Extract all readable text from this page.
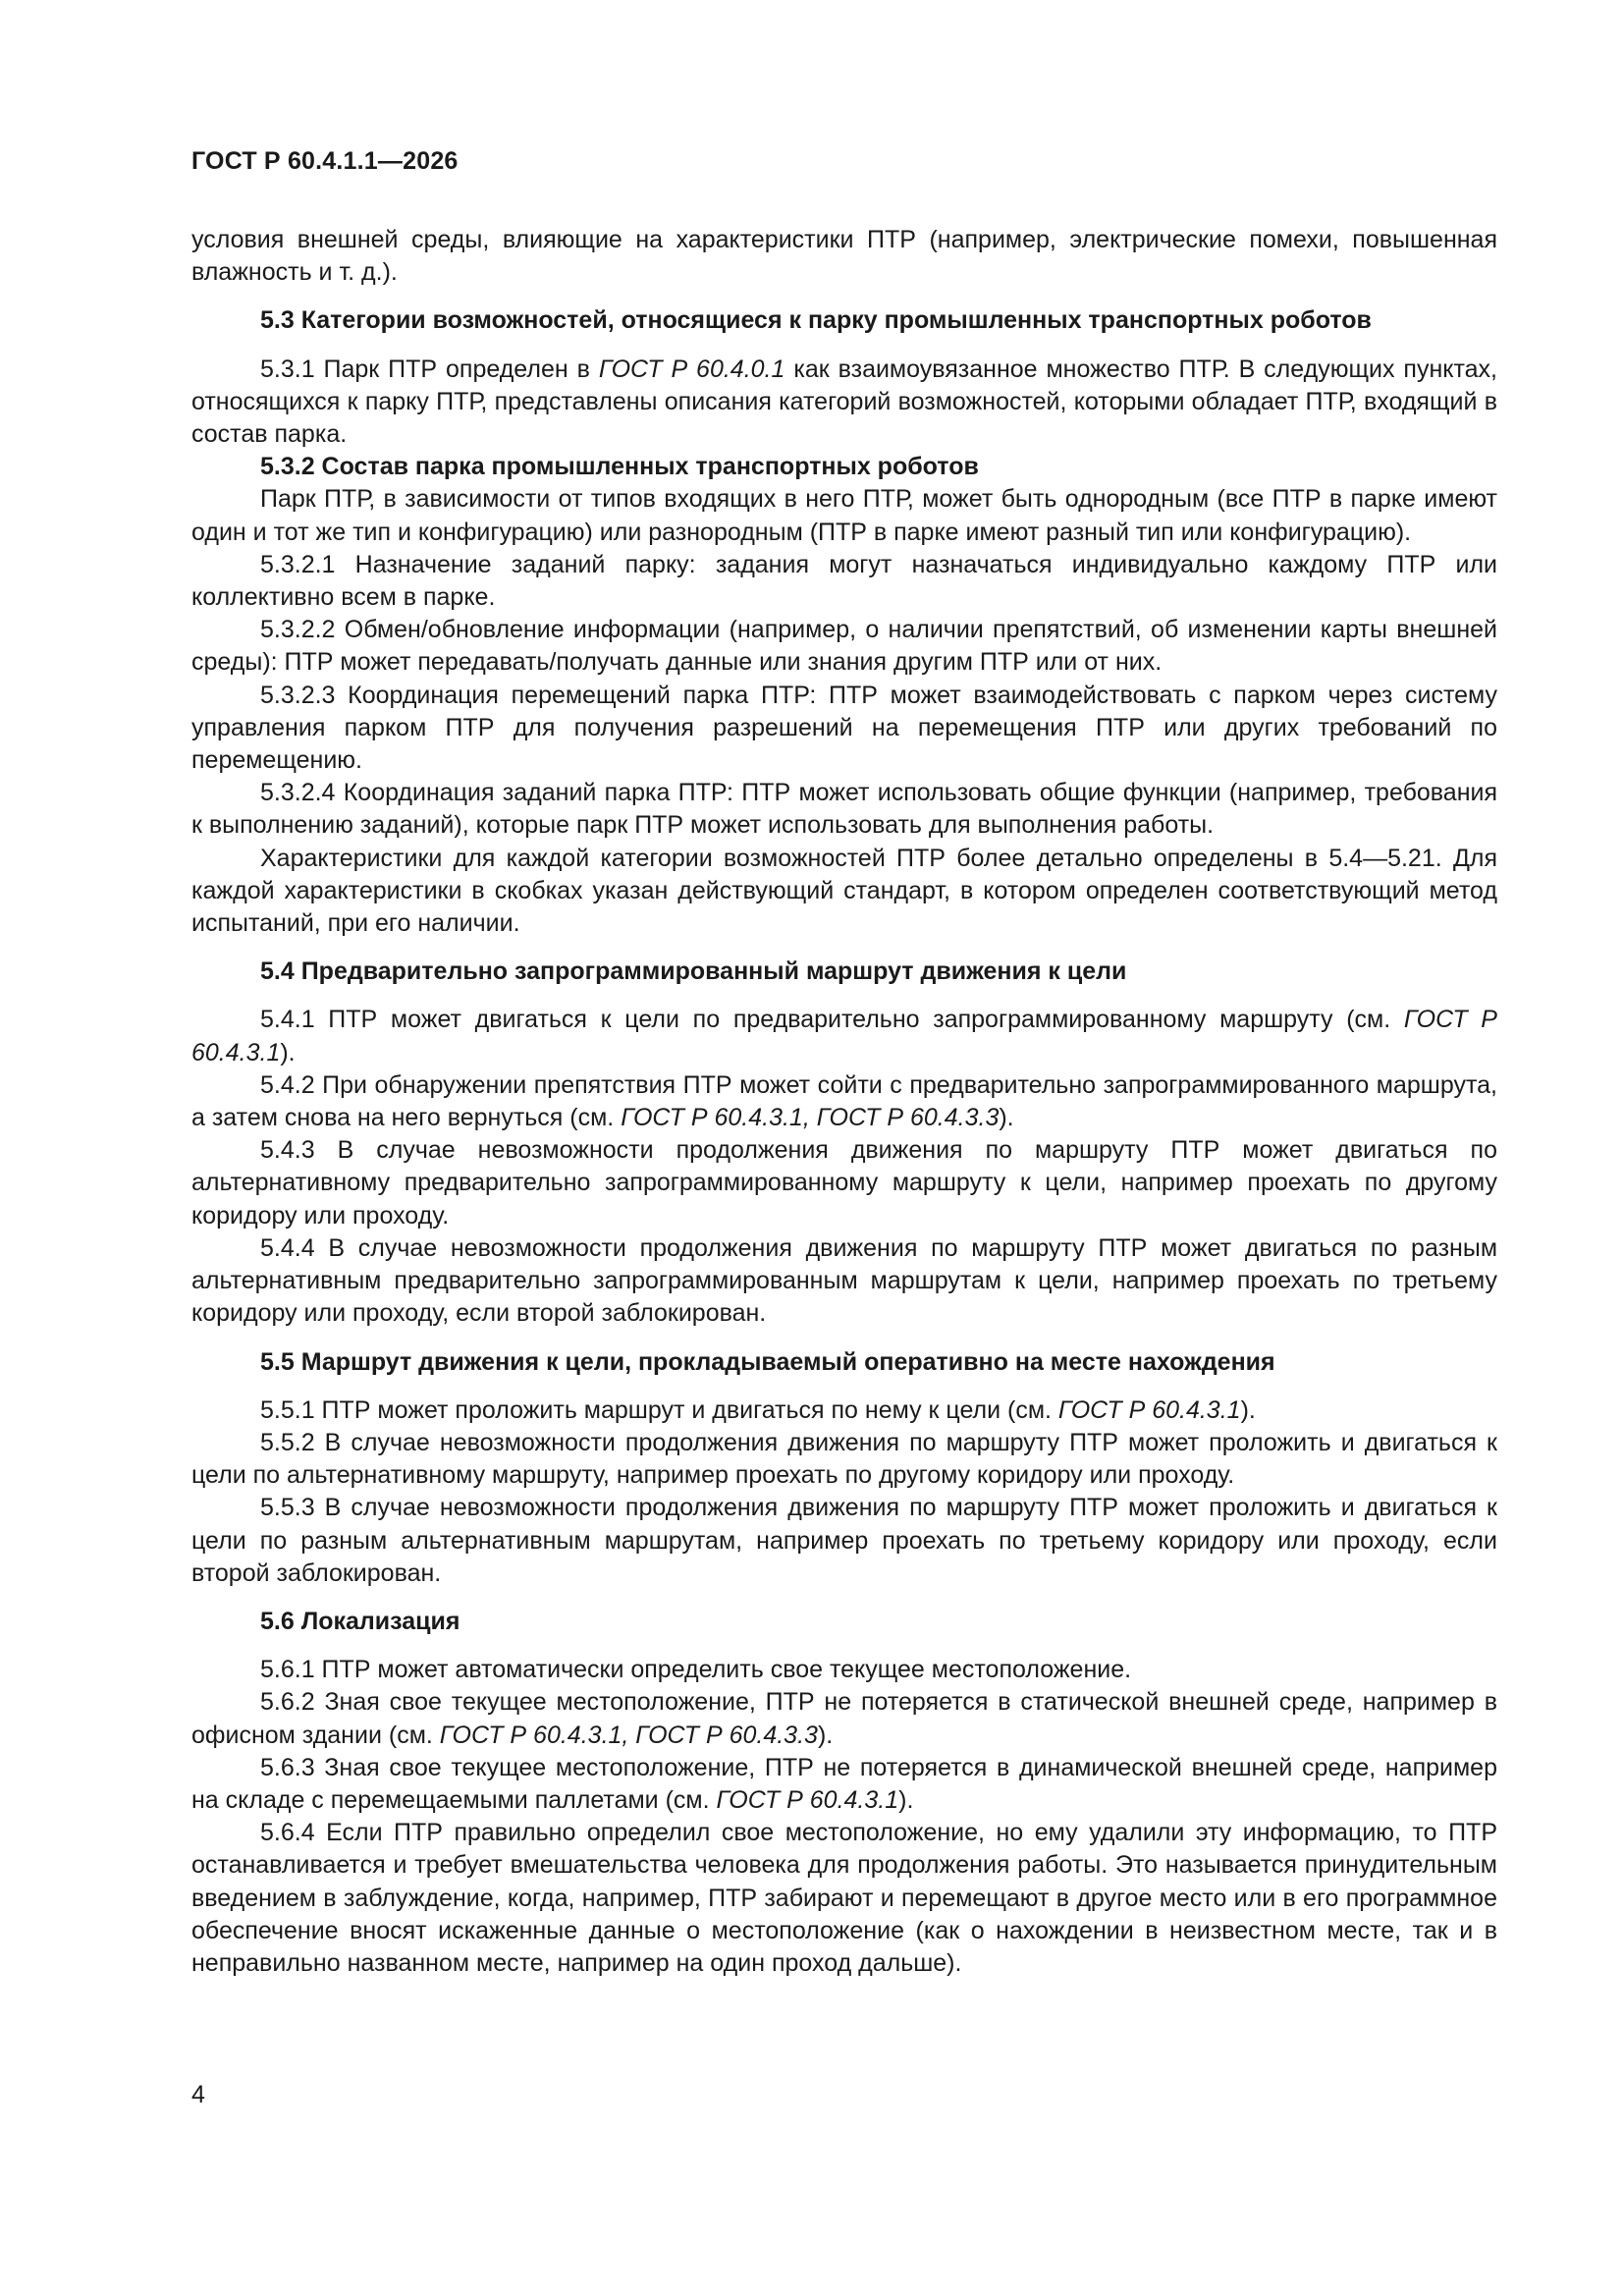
ГОСТ Р 60.4.1.1—2026

условия внешней среды, влияющие на характеристики ПТР (например, электрические помехи, повышенная влажность и т. д.).

5.3 Категории возможностей, относящиеся к парку промышленных транспортных роботов

5.3.1 Парк ПТР определен в ГОСТ Р 60.4.0.1 как взаимоувязанное множество ПТР. В следующих пунктах, относящихся к парку ПТР, представлены описания категорий возможностей, которыми обладает ПТР, входящий в состав парка.

5.3.2 Состав парка промышленных транспортных роботов

Парк ПТР, в зависимости от типов входящих в него ПТР, может быть однородным (все ПТР в парке имеют один и тот же тип и конфигурацию) или разнородным (ПТР в парке имеют разный тип или конфигурацию).

5.3.2.1 Назначение заданий парку: задания могут назначаться индивидуально каждому ПТР или коллективно всем в парке.

5.3.2.2 Обмен/обновление информации (например, о наличии препятствий, об изменении карты внешней среды): ПТР может передавать/получать данные или знания другим ПТР или от них.

5.3.2.3 Координация перемещений парка ПТР: ПТР может взаимодействовать с парком через систему управления парком ПТР для получения разрешений на перемещения ПТР или других требований по перемещению.

5.3.2.4 Координация заданий парка ПТР: ПТР может использовать общие функции (например, требования к выполнению заданий), которые парк ПТР может использовать для выполнения работы.

Характеристики для каждой категории возможностей ПТР более детально определены в 5.4—5.21. Для каждой характеристики в скобках указан действующий стандарт, в котором определен соответствующий метод испытаний, при его наличии.

5.4 Предварительно запрограммированный маршрут движения к цели

5.4.1 ПТР может двигаться к цели по предварительно запрограммированному маршруту (см. ГОСТ Р 60.4.3.1).

5.4.2 При обнаружении препятствия ПТР может сойти с предварительно запрограммированного маршрута, а затем снова на него вернуться (см. ГОСТ Р 60.4.3.1, ГОСТ Р 60.4.3.3).

5.4.3 В случае невозможности продолжения движения по маршруту ПТР может двигаться по альтернативному предварительно запрограммированному маршруту к цели, например проехать по другому коридору или проходу.

5.4.4 В случае невозможности продолжения движения по маршруту ПТР может двигаться по разным альтернативным предварительно запрограммированным маршрутам к цели, например проехать по третьему коридору или проходу, если второй заблокирован.

5.5 Маршрут движения к цели, прокладываемый оперативно на месте нахождения

5.5.1 ПТР может проложить маршрут и двигаться по нему к цели (см. ГОСТ Р 60.4.3.1).

5.5.2 В случае невозможности продолжения движения по маршруту ПТР может проложить и двигаться к цели по альтернативному маршруту, например проехать по другому коридору или проходу.

5.5.3 В случае невозможности продолжения движения по маршруту ПТР может проложить и двигаться к цели по разным альтернативным маршрутам, например проехать по третьему коридору или проходу, если второй заблокирован.

5.6 Локализация

5.6.1 ПТР может автоматически определить свое текущее местоположение.

5.6.2 Зная свое текущее местоположение, ПТР не потеряется в статической внешней среде, например в офисном здании (см. ГОСТ Р 60.4.3.1, ГОСТ Р 60.4.3.3).

5.6.3 Зная свое текущее местоположение, ПТР не потеряется в динамической внешней среде, например на складе с перемещаемыми паллетами (см. ГОСТ Р 60.4.3.1).

5.6.4 Если ПТР правильно определил свое местоположение, но ему удалили эту информацию, то ПТР останавливается и требует вмешательства человека для продолжения работы. Это называется принудительным введением в заблуждение, когда, например, ПТР забирают и перемещают в другое место или в его программное обеспечение вносят искаженные данные о местоположение (как о нахождении в неизвестном месте, так и в неправильно названном месте, например на один проход дальше).

4
